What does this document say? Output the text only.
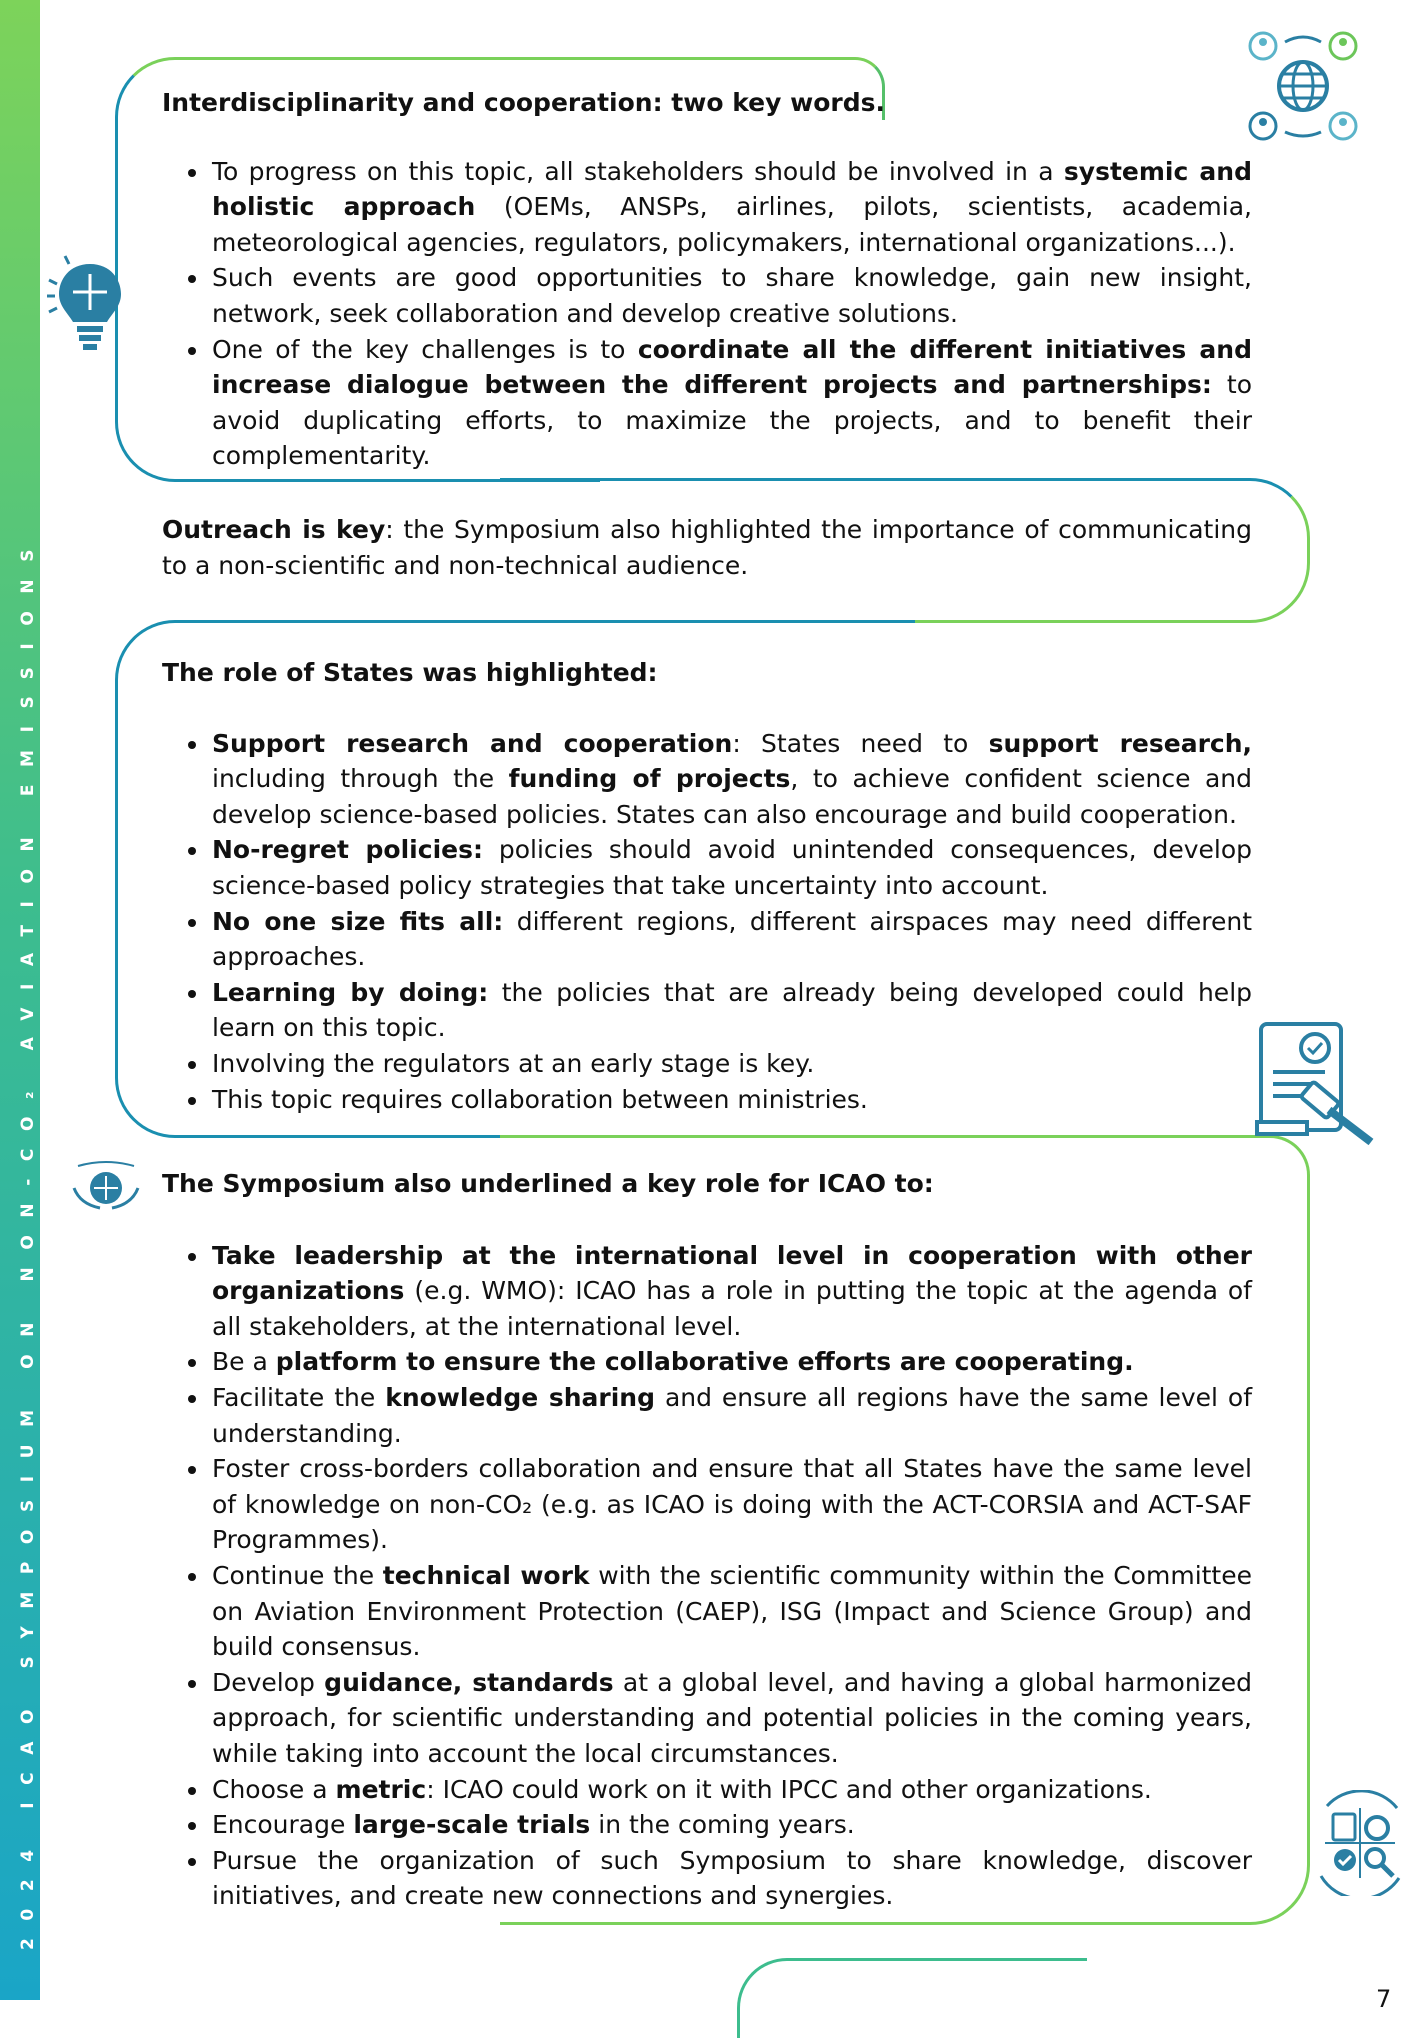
2024 ICAO SYMPOSIUM ON NON-CO₂ AVIATION EMISSIONS
Interdisciplinarity and cooperation: two key words.
• To progress on this topic, all stakeholders should be involved in a systemic and holistic approach (OEMs, ANSPs, airlines, pilots, scientists, academia, meteorological agencies, regulators, policymakers, international organizations...).
• Such events are good opportunities to share knowledge, gain new insight, network, seek collaboration and develop creative solutions.
• One of the key challenges is to coordinate all the different initiatives and increase dialogue between the different projects and partnerships: to avoid duplicating efforts, to maximize the projects, and to benefit their complementarity.
Outreach is key: the Symposium also highlighted the importance of communicating to a non-scientific and non-technical audience.
The role of States was highlighted:
• Support research and cooperation: States need to support research, including through the funding of projects, to achieve confident science and develop science-based policies. States can also encourage and build cooperation.
• No-regret policies: policies should avoid unintended consequences, develop science-based policy strategies that take uncertainty into account.
• No one size fits all: different regions, different airspaces may need different approaches.
• Learning by doing: the policies that are already being developed could help learn on this topic.
• Involving the regulators at an early stage is key.
• This topic requires collaboration between ministries.
The Symposium also underlined a key role for ICAO to:
• Take leadership at the international level in cooperation with other organizations (e.g. WMO): ICAO has a role in putting the topic at the agenda of all stakeholders, at the international level.
• Be a platform to ensure the collaborative efforts are cooperating.
• Facilitate the knowledge sharing and ensure all regions have the same level of understanding.
• Foster cross-borders collaboration and ensure that all States have the same level of knowledge on non-CO₂ (e.g. as ICAO is doing with the ACT-CORSIA and ACT-SAF Programmes).
• Continue the technical work with the scientific community within the Committee on Aviation Environment Protection (CAEP), ISG (Impact and Science Group) and build consensus.
• Develop guidance, standards at a global level, and having a global harmonized approach, for scientific understanding and potential policies in the coming years, while taking into account the local circumstances.
• Choose a metric: ICAO could work on it with IPCC and other organizations.
• Encourage large-scale trials in the coming years.
• Pursue the organization of such Symposium to share knowledge, discover initiatives, and create new connections and synergies.
7
